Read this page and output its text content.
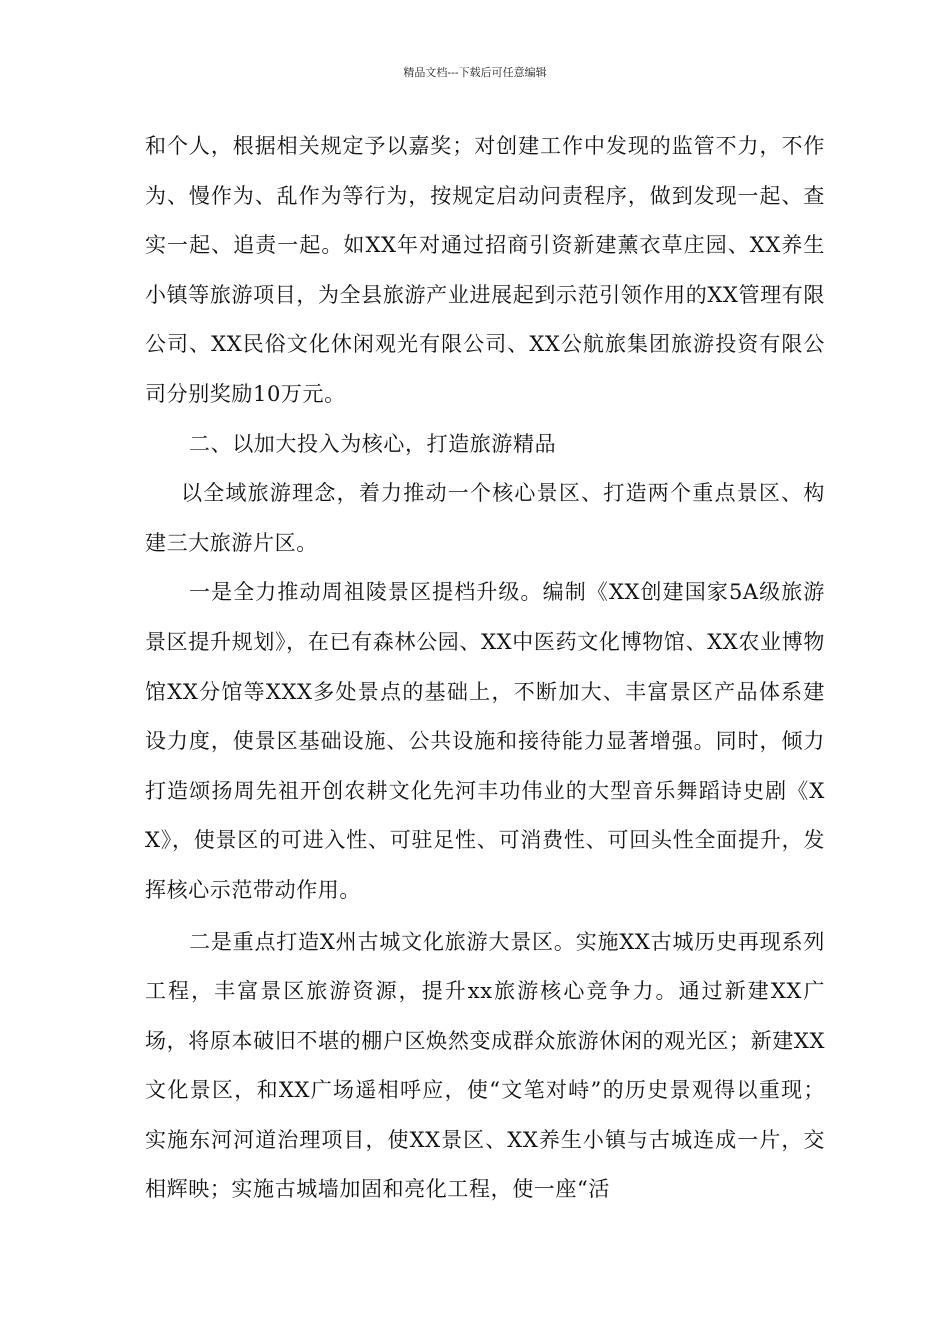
精品文档---下载后可任意编辑

和个人，根据相关规定予以嘉奖；对创建工作中发现的监管不力，不作为、慢作为、乱作为等行为，按规定启动问责程序，做到发现一起、查实一起、追责一起。如XX年对通过招商引资新建薰衣草庄园、XX养生小镇等旅游项目，为全县旅游产业进展起到示范引领作用的XX管理有限公司、XX民俗文化休闲观光有限公司、XX公航旅集团旅游投资有限公司分别奖励10万元。

二、以加大投入为核心，打造旅游精品

以全域旅游理念，着力推动一个核心景区、打造两个重点景区、构建三大旅游片区。

一是全力推动周祖陵景区提档升级。编制《XX创建国家5A级旅游景区提升规划》，在已有森林公园、XX中医药文化博物馆、XX农业博物馆XX分馆等XXX多处景点的基础上，不断加大、丰富景区产品体系建设力度，使景区基础设施、公共设施和接待能力显著增强。同时，倾力打造颂扬周先祖开创农耕文化先河丰功伟业的大型音乐舞蹈诗史剧《XX》，使景区的可进入性、可驻足性、可消费性、可回头性全面提升，发挥核心示范带动作用。

二是重点打造X州古城文化旅游大景区。实施XX古城历史再现系列工程，丰富景区旅游资源，提升xx旅游核心竞争力。通过新建XX广场，将原本破旧不堪的棚户区焕然变成群众旅游休闲的观光区；新建XX文化景区，和XX广场遥相呼应，使“文笔对峙”的历史景观得以重现；实施东河河道治理项目，使XX景区、XX养生小镇与古城连成一片，交相辉映；实施古城墙加固和亮化工程，使一座“活
